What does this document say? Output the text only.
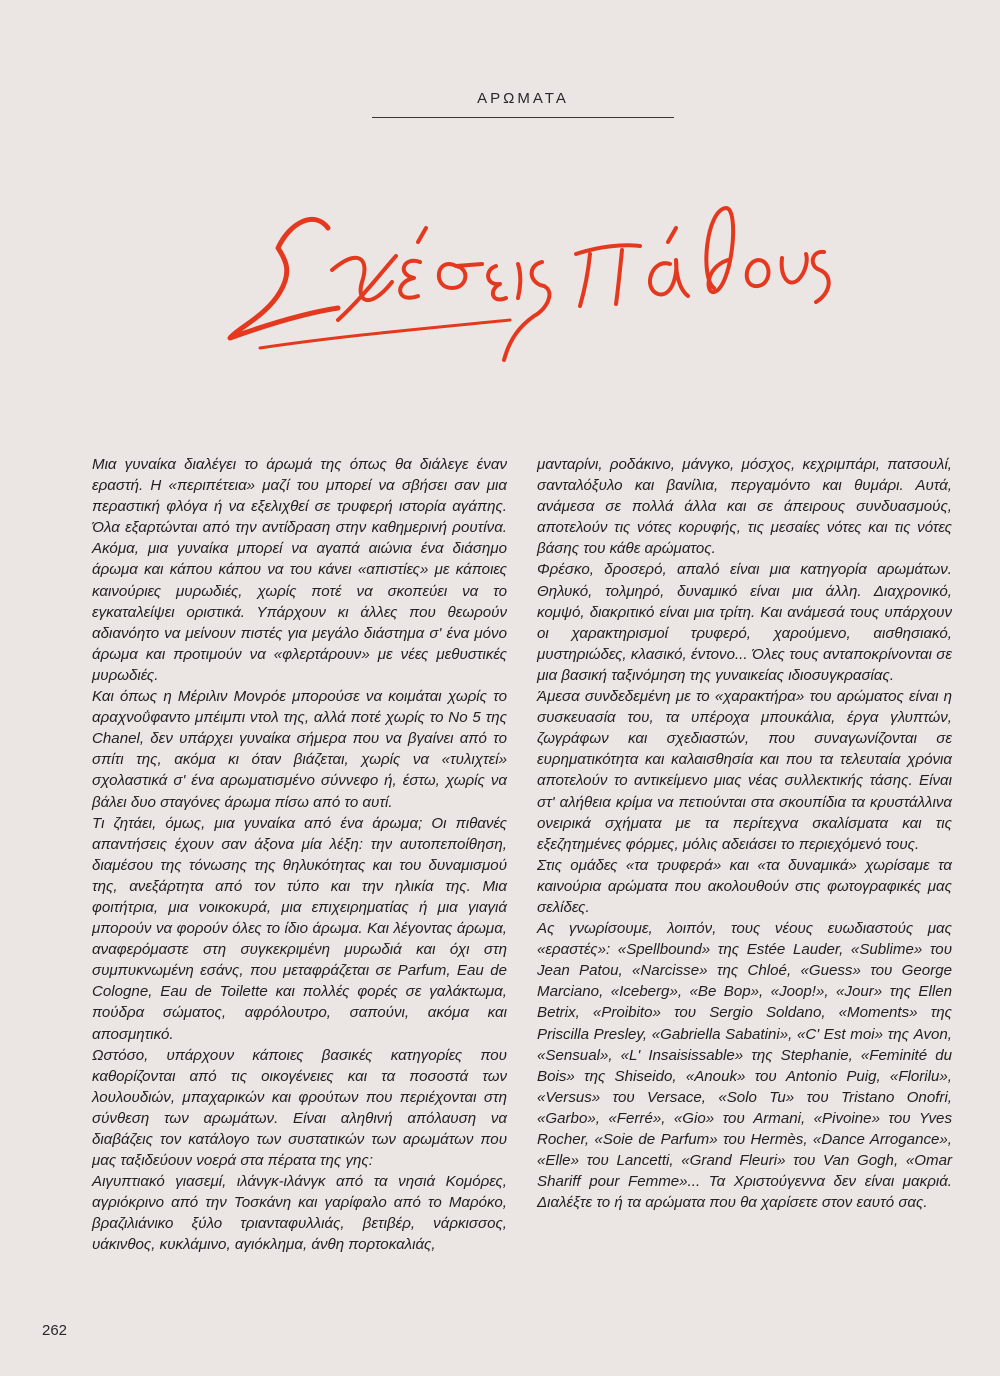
ΑΡΩΜΑΤΑ

Μια γυναίκα διαλέγει το άρωμά της όπως θα διάλεγε έναν εραστή. Η «περιπέτεια» μαζί του μπορεί να σβήσει σαν μια περαστική φλόγα ή να εξελιχθεί σε τρυφερή ιστορία αγάπης. Όλα εξαρτώνται από την αντίδραση στην καθημερινή ρουτίνα. Ακόμα, μια γυναίκα μπορεί να αγαπά αιώνια ένα διάσημο άρωμα και κάπου κάπου να του κάνει «απιστίες» με κάποιες καινούριες μυρωδιές, χωρίς ποτέ να σκοπεύει να το εγκαταλείψει οριστικά. Υπάρχουν κι άλλες που θεωρούν αδιανόητο να μείνουν πιστές για μεγάλο διάστημα σ' ένα μόνο άρωμα και προτιμούν να «φλερτάρουν» με νέες μεθυστικές μυρωδιές.

Και όπως η Μέριλιν Μονρόε μπορούσε να κοιμάται χωρίς το αραχνοΰφαντο μπέιμπι ντολ της, αλλά ποτέ χωρίς το Νο 5 της Chanel, δεν υπάρχει γυναίκα σήμερα που να βγαίνει από το σπίτι της, ακόμα κι όταν βιάζεται, χωρίς να «τυλιχτεί» σχολαστικά σ' ένα αρωματισμένο σύννεφο ή, έστω, χωρίς να βάλει δυο σταγόνες άρωμα πίσω από το αυτί.

Τι ζητάει, όμως, μια γυναίκα από ένα άρωμα; Οι πιθανές απαντήσεις έχουν σαν άξονα μία λέξη: την αυτοπεποίθηση, διαμέσου της τόνωσης της θηλυκότητας και του δυναμισμού της, ανεξάρτητα από τον τύπο και την ηλικία της. Μια φοιτήτρια, μια νοικοκυρά, μια επιχειρηματίας ή μια γιαγιά μπορούν να φορούν όλες το ίδιο άρωμα. Και λέγοντας άρωμα, αναφερόμαστε στη συγκεκριμένη μυρωδιά και όχι στη συμπυκνωμένη εσάνς, που μεταφράζεται σε Parfum, Eau de Cologne, Eau de Toilette και πολλές φορές σε γαλάκτωμα, πούδρα σώματος, αφρόλουτρο, σαπούνι, ακόμα και αποσμητικό.

Ωστόσο, υπάρχουν κάποιες βασικές κατηγορίες που καθορίζονται από τις οικογένειες και τα ποσοστά των λουλουδιών, μπαχαρικών και φρούτων που περιέχονται στη σύνθεση των αρωμάτων. Είναι αληθινή απόλαυση να διαβάζεις τον κατάλογο των συστατικών των αρωμάτων που μας ταξιδεύουν νοερά στα πέρατα της γης:

Αιγυπτιακό γιασεμί, ιλάνγκ-ιλάνγκ από τα νησιά Κομόρες, αγριόκρινο από την Τοσκάνη και γαρίφαλο από το Μαρόκο, βραζιλιάνικο ξύλο τριανταφυλλιάς, βετιβέρ, νάρκισσος, υάκινθος, κυκλάμινο, αγιόκλημα, άνθη πορτοκαλιάς,

μανταρίνι, ροδάκινο, μάνγκο, μόσχος, κεχριμπάρι, πατσουλί, σανταλόξυλο και βανίλια, περγαμόντο και θυμάρι. Αυτά, ανάμεσα σε πολλά άλλα και σε άπειρους συνδυασμούς, αποτελούν τις νότες κορυφής, τις μεσαίες νότες και τις νότες βάσης του κάθε αρώματος.

Φρέσκο, δροσερό, απαλό είναι μια κατηγορία αρωμάτων. Θηλυκό, τολμηρό, δυναμικό είναι μια άλλη. Διαχρονικό, κομψό, διακριτικό είναι μια τρίτη. Και ανάμεσά τους υπάρχουν οι χαρακτηρισμοί τρυφερό, χαρούμενο, αισθησιακό, μυστηριώδες, κλασικό, έντονο... Όλες τους ανταποκρίνονται σε μια βασική ταξινόμηση της γυναικείας ιδιοσυγκρασίας.

Άμεσα συνδεδεμένη με το «χαρακτήρα» του αρώματος είναι η συσκευασία του, τα υπέροχα μπουκάλια, έργα γλυπτών, ζωγράφων και σχεδιαστών, που συναγωνίζονται σε ευρηματικότητα και καλαισθησία και που τα τελευταία χρόνια αποτελούν το αντικείμενο μιας νέας συλλεκτικής τάσης. Είναι στ' αλήθεια κρίμα να πετιούνται στα σκουπίδια τα κρυστάλλινα ονειρικά σχήματα με τα περίτεχνα σκαλίσματα και τις εξεζητημένες φόρμες, μόλις αδειάσει το περιεχόμενό τους.

Στις ομάδες «τα τρυφερά» και «τα δυναμικά» χωρίσαμε τα καινούρια αρώματα που ακολουθούν στις φωτογραφικές μας σελίδες.

Ας γνωρίσουμε, λοιπόν, τους νέους ευωδιαστούς μας «εραστές»: «Spellbound» της Estée Lauder, «Sublime» του Jean Patou, «Narcisse» της Chloé, «Guess» του George Marciano, «Iceberg», «Be Bop», «Joop!», «Jour» της Ellen Betrix, «Proibito» του Sergio Soldano, «Moments» της Priscilla Presley, «Gabriella Sabatini», «C' Est moi» της Avon, «Sensual», «L' Insaisissable» της Stephanie, «Feminité du Bois» της Shiseido, «Anouk» του Antonio Puig, «Florilu», «Versus» του Versace, «Solo Tu» του Tristano Onofri, «Garbo», «Ferré», «Gio» του Armani, «Pivoine» του Yves Rocher, «Soie de Parfum» του Hermès, «Dance Arrogance», «Elle» του Lancetti, «Grand Fleuri» του Van Gogh, «Omar Shariff pour Femme»... Τα Χριστούγεννα δεν είναι μακριά. Διαλέξτε το ή τα αρώματα που θα χαρίσετε στον εαυτό σας.

262
